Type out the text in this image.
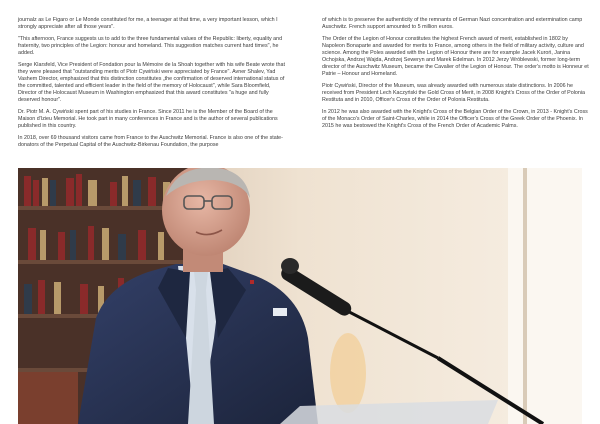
journalz as Le Figaro or Le Monde constituted for me, a teenager at that time, a very important lesson, which I strongly appreciate after all those years".

"This afternoon, France suggests us to add to the three fundamental values of the Republic: liberty, equality and fraternity, two principles of the Legion: honour and homeland. This suggestion matches current hard times", he added.

Serge Klarsfeld, Vice President of Fondation pour la Mémoire de la Shoah together with his wife Beate wrote that they were pleased that "outstanding merits of Piotr Cywiński were appreciated by France". Avner Shalev, Yad Vashem Director, emphasized that this distinction constitutes „the confirmation of deserved international status of the committed, talented and efficient leader in the field of the memory of Holocaust", while Sara Bloomfield, Director of the Holocaust Museum in Washington emphasized that this award constitutes "a huge and fully deserved honour".

Dr. Piotr M. A. Cywiński spent part of his studies in France. Since 2011 he is the Member of the Board of the Maison d'Izieu Memorial. He took part in many conferences in France and is the author of several publications published in this country.

In 2018, over 69 thousand visitors came from France to the Auschwitz Memorial. France is also one of the state-donators of the Perpetual Capital of the Auschwitz-Birkenau Foundation, the purpose

of which is to preserve the authenticity of the remnants of German Nazi concentration and extermination camp Auschwitz. French support amounted to 5 million euros.

The Order of the Legion of Honour constitutes the highest French award of merit, established in 1802 by Napoleon Bonaparte and awarded for merits to France, among others in the field of military activity, culture and science. Among the Poles awarded with the Legion of Honour there are for example Jacek Kuroń, Janina Ochojska, Andrzej Wajda, Andrzej Seweryn and Marek Edelman. In 2012 Jerzy Wróblewski, former long-term director of the Auschwitz Museum, became the Cavalier of the Legion of Honour. The order's motto is Honneur et Patrie – Honour and Homeland.

Piotr Cywiński, Director of the Museum, was already awarded with numerous state distinctions. In 2006 he received from President Lech Kaczyński the Gold Cross of Merit, in 2008 Knight's Cross of the Order of Polonia Restituta and in 2010, Officer's Cross of the Order of Polonia Restituta.

In 2012 he was also awarded with the Knight's Cross of the Belgian Order of the Crown, in 2013 - Knight's Cross of the Monaco's Order of Saint-Charles, while in 2014 the Officer's Cross of the Greek Order of the Phoenix. In 2015 he was bestowed the Knight's Cross of the French Order of Academic Palms.
